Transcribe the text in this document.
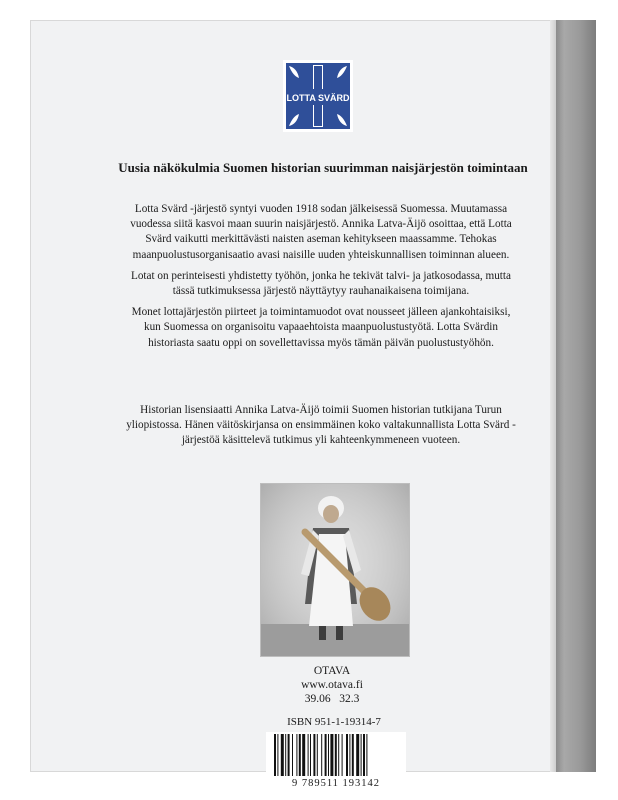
LOTTA SVÄRD
Uusia näkökulmia Suomen historian suurimman naisjärjestön toimintaan

Lotta Svärd -järjestö syntyi vuoden 1918 sodan jälkeisessä Suomessa. Muutamassa vuodessa siitä kasvoi maan suurin naisjärjestö. Annika Latva-Äijö osoittaa, että Lotta Svärd vaikutti merkittävästi naisten aseman kehitykseen maassamme. Tehokas maanpuolustusorganisaatio avasi naisille uuden yhteiskunnallisen toiminnan alueen.

Lotat on perinteisesti yhdistetty työhön, jonka he tekivät talvi- ja jatkosodassa, mutta tässä tutkimuksessa järjestö näyttäytyy rauhanaikaisena toimijana.

Monet lottajärjestön piirteet ja toimintamuodot ovat nousseet jälleen ajankohtaisiksi, kun Suomessa on organisoitu vapaaehtoista maanpuolustustyötä. Lotta Svärdin historiasta saatu oppi on sovellettavissa myös tämän päivän puolustustyöhön.

Historian lisensiaatti Annika Latva-Äijö toimii Suomen historian tutkijana Turun yliopistossa. Hänen väitöskirjansa on ensimmäinen koko valtakunnallista Lotta Svärd -järjestöä käsittelevä tutkimus yli kahteenkymmeneen vuoteen.

OTAVA
www.otava.fi
39.06   32.3
ISBN 951-1-19314-7
9 789511 193142
